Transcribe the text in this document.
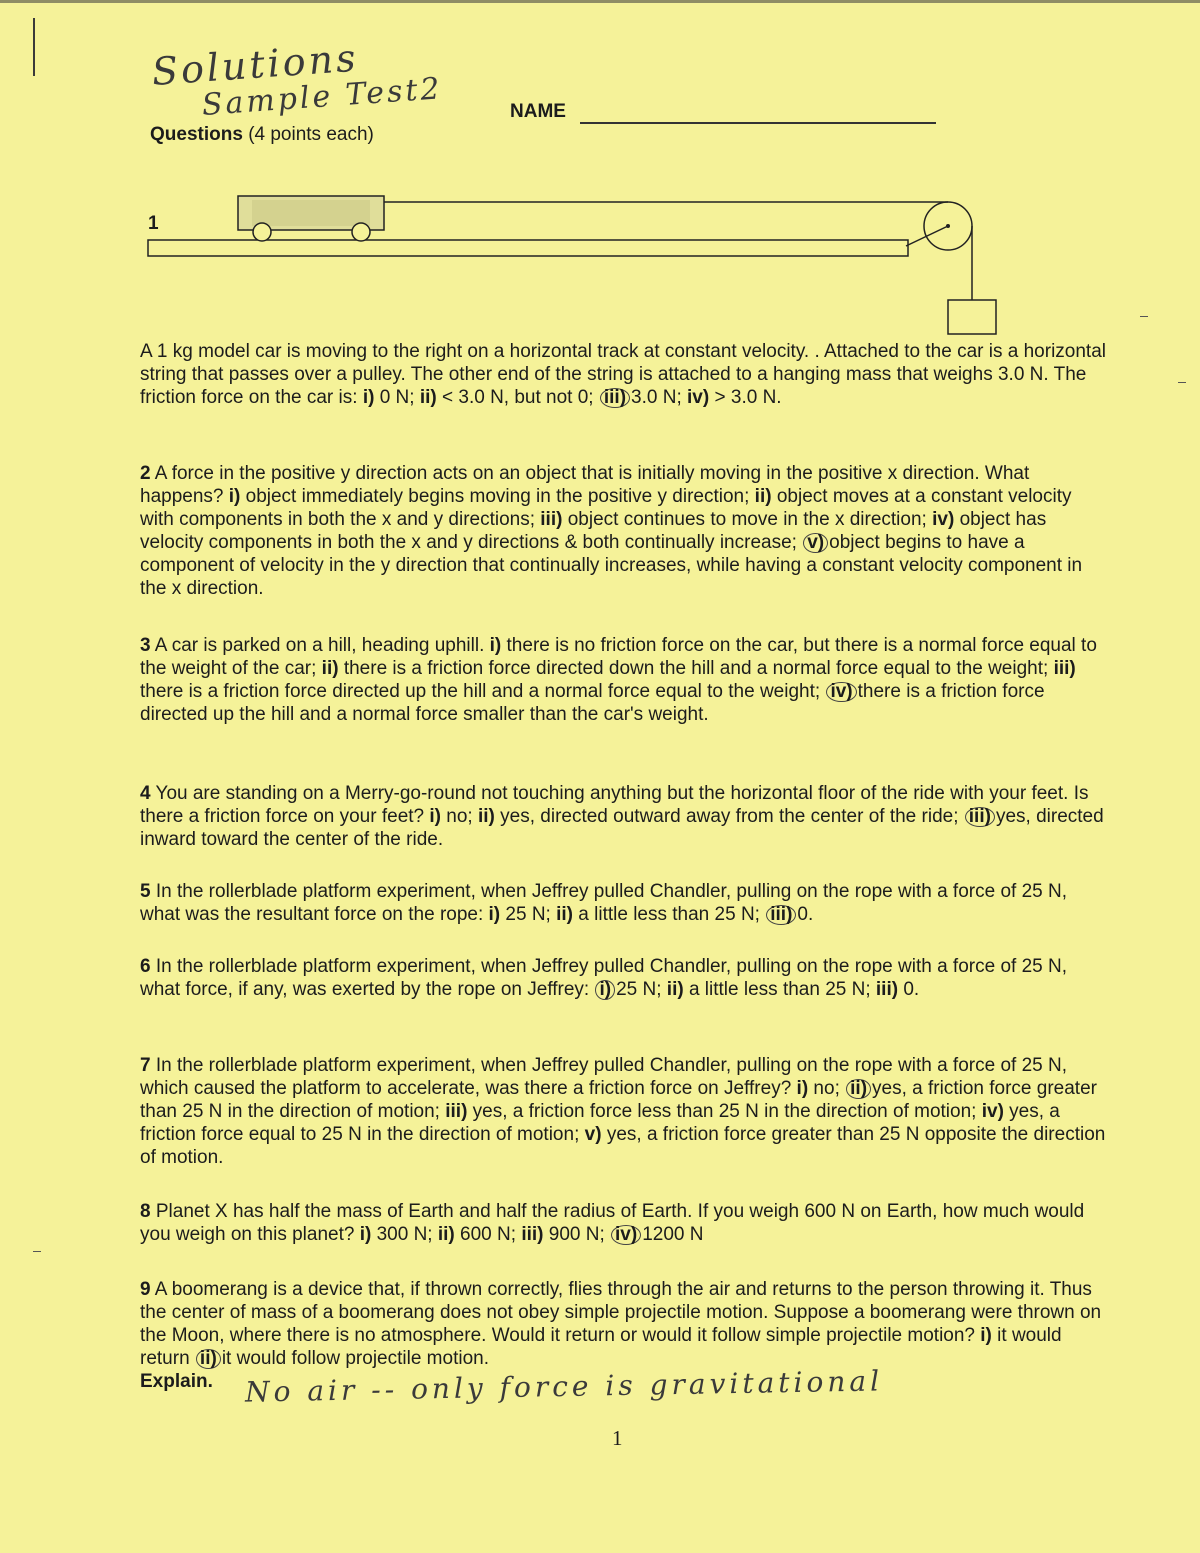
Solutions
Sample Test2
Questions (4 points each)
NAME
1
A 1 kg model car is moving to the right on a horizontal track at constant velocity. . Attached to the car is a horizontal string that passes over a pulley. The other end of the string is attached to a hanging mass that weighs 3.0 N. The friction force on the car is: i) 0 N; ii) < 3.0 N, but not 0; iii) 3.0 N; iv) > 3.0 N.
2 A force in the positive y direction acts on an object that is initially moving in the positive x direction. What happens? i) object immediately begins moving in the positive y direction; ii) object moves at a constant velocity with components in both the x and y directions; iii) object continues to move in the x direction; iv) object has velocity components in both the x and y directions & both continually increase; v) object begins to have a component of velocity in the y direction that continually increases, while having a constant velocity component in the x direction.
3 A car is parked on a hill, heading uphill. i) there is no friction force on the car, but there is a normal force equal to the weight of the car; ii) there is a friction force directed down the hill and a normal force equal to the weight; iii) there is a friction force directed up the hill and a normal force equal to the weight; iv) there is a friction force directed up the hill and a normal force smaller than the car's weight.
4 You are standing on a Merry-go-round not touching anything but the horizontal floor of the ride with your feet. Is there a friction force on your feet? i) no; ii) yes, directed outward away from the center of the ride; iii) yes, directed inward toward the center of the ride.
5 In the rollerblade platform experiment, when Jeffrey pulled Chandler, pulling on the rope with a force of 25 N, what was the resultant force on the rope: i) 25 N; ii) a little less than 25 N; iii) 0.
6 In the rollerblade platform experiment, when Jeffrey pulled Chandler, pulling on the rope with a force of 25 N, what force, if any, was exerted by the rope on Jeffrey: i) 25 N; ii) a little less than 25 N; iii) 0.
7 In the rollerblade platform experiment, when Jeffrey pulled Chandler, pulling on the rope with a force of 25 N, which caused the platform to accelerate, was there a friction force on Jeffrey? i) no; ii) yes, a friction force greater than 25 N in the direction of motion; iii) yes, a friction force less than 25 N in the direction of motion; iv) yes, a friction force equal to 25 N in the direction of motion; v) yes, a friction force greater than 25 N opposite the direction of motion.
8 Planet X has half the mass of Earth and half the radius of Earth. If you weigh 600 N on Earth, how much would you weigh on this planet? i) 300 N; ii) 600 N; iii) 900 N; iv) 1200 N
9 A boomerang is a device that, if thrown correctly, flies through the air and returns to the person throwing it. Thus the center of mass of a boomerang does not obey simple projectile motion. Suppose a boomerang were thrown on the Moon, where there is no atmosphere. Would it return or would it follow simple projectile motion? i) it would return ii) it would follow projectile motion.
Explain.	No air -- only force is gravitational
1
